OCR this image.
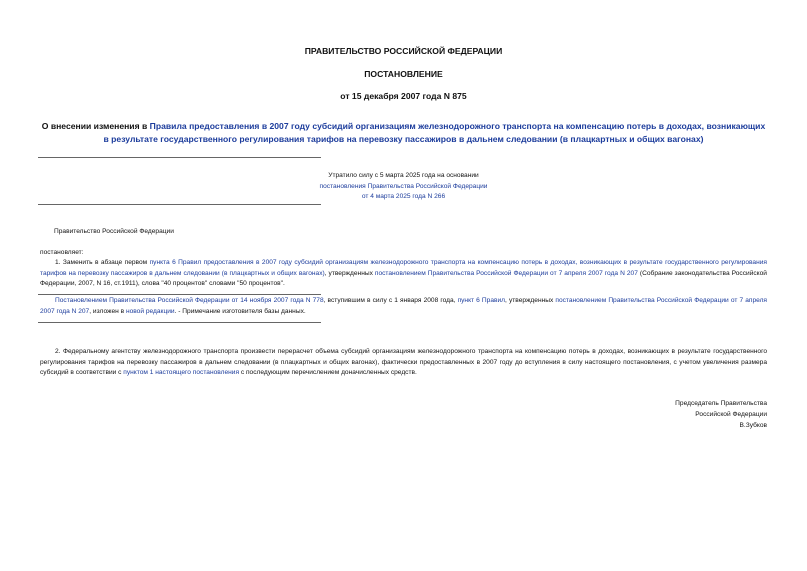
ПРАВИТЕЛЬСТВО РОССИЙСКОЙ ФЕДЕРАЦИИ
ПОСТАНОВЛЕНИЕ
от 15 декабря 2007 года N 875
О внесении изменения в Правила предоставления в 2007 году субсидий организациям железнодорожного транспорта на компенсацию потерь в доходах, возникающих в результате государственного регулирования тарифов на перевозку пассажиров в дальнем следовании (в плацкартных и общих вагонах)
Утратило силу с 5 марта 2025 года на основании
постановления Правительства Российской Федерации
от 4 марта 2025 года N 266
Правительство Российской Федерации
постановляет:
1. Заменить в абзаце первом пункта 6 Правил предоставления в 2007 году субсидий организациям железнодорожного транспорта на компенсацию потерь в доходах, возникающих в результате государственного регулирования тарифов на перевозку пассажиров в дальнем следовании (в плацкартных и общих вагонах), утвержденных постановлением Правительства Российской Федерации от 7 апреля 2007 года N 207 (Собрание законодательства Российской Федерации, 2007, N 16, ст.1911), слова "40 процентов" словами "50 процентов".
Постановлением Правительства Российской Федерации от 14 ноября 2007 года N 778, вступившим в силу с 1 января 2008 года, пункт 6 Правил, утвержденных постановлением Правительства Российской Федерации от 7 апреля 2007 года N 207, изложен в новой редакции. - Примечание изготовителя базы данных.
2. Федеральному агентству железнодорожного транспорта произвести перерасчет объема субсидий организациям железнодорожного транспорта на компенсацию потерь в доходах, возникающих в результате государственного регулирования тарифов на перевозку пассажиров в дальнем следовании (в плацкартных и общих вагонах), фактически предоставленных в 2007 году до вступления в силу настоящего постановления, с учетом увеличения размера субсидий в соответствии с пунктом 1 настоящего постановления с последующим перечислением доначисленных средств.
Председатель Правительства
Российской Федерации
В.Зубков
